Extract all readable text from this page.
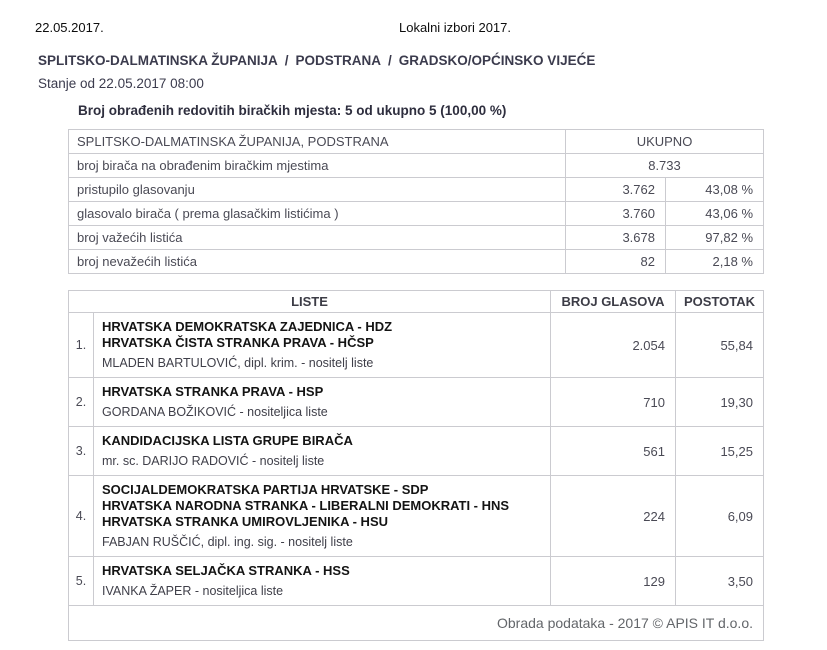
22.05.2017.	Lokalni izbori 2017.
SPLITSKO-DALMATINSKA ŽUPANIJA / PODSTRANA / GRADSKO/OPĆINSKO VIJEĆE
Stanje od 22.05.2017 08:00
Broj obrađenih redovitih biračkih mjesta: 5 od ukupno 5 (100,00 %)
SPLITSKO-DALMATINSKA ŽUPANIJA, PODSTRANA	UKUPNO	
broj birača na obrađenim biračkim mjestima	8.733	
pristupilo glasovanju	3.762	43,08 %
glasovalo birača ( prema glasačkim listićima )	3.760	43,06 %
broj važećih listića	3.678	97,82 %
broj nevažećih listića	82	2,18 %
LISTE		BROJ GLASOVA	POSTOTAK
1.	HRVATSKA DEMOKRATSKA ZAJEDNICA - HDZ
HRVATSKA ČISTA STRANKA PRAVA - HČSP
MLADEN BARTULOVIĆ, dipl. krim. - nositelj liste	2.054	55,84
2.	HRVATSKA STRANKA PRAVA - HSP
GORDANA BOŽIKOVIĆ - nositeljica liste	710	19,30
3.	KANDIDACIJSKA LISTA GRUPE BIRAČA
mr. sc. DARIJO RADOVIĆ - nositelj liste	561	15,25
4.	SOCIJALDEMOKRATSKA PARTIJA HRVATSKE - SDP
HRVATSKA NARODNA STRANKA - LIBERALNI DEMOKRATI - HNS
HRVATSKA STRANKA UMIROVLJENIKA - HSU
FABJAN RUŠČIĆ, dipl. ing. sig. - nositelj liste	224	6,09
5.	HRVATSKA SELJAČKA STRANKA - HSS
IVANKA ŽAPER - nositeljica liste	129	3,50
Obrada podataka - 2017 © APIS IT d.o.o.			
